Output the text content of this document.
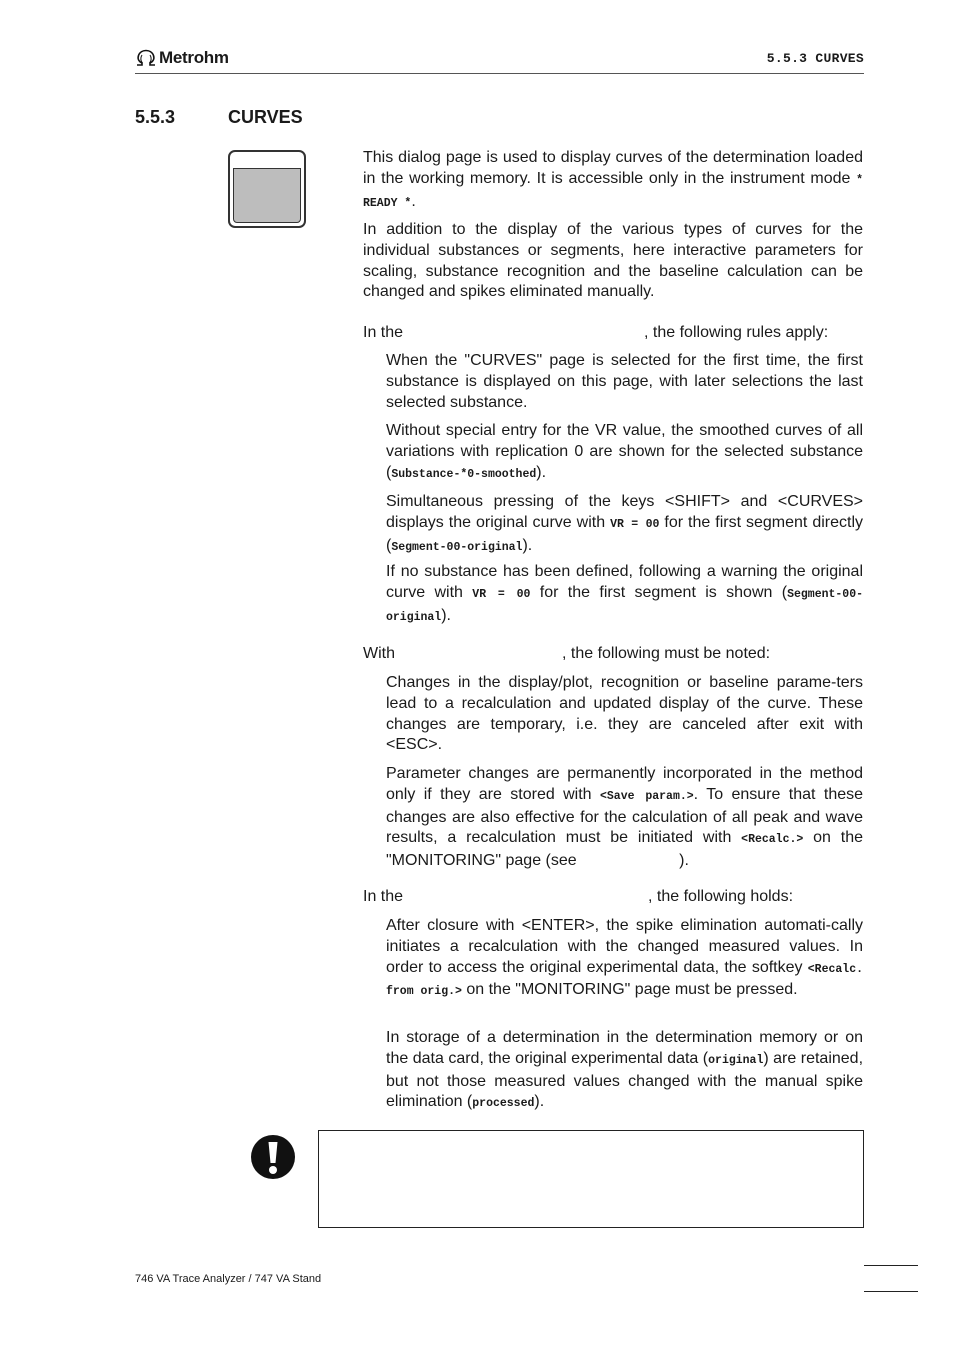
Metrohm	5.5.3 CURVES
5.5.3	CURVES

This dialog page is used to display curves of the determination loaded in the working memory. It is accessible only in the instrument mode * READY *.

In addition to the display of the various types of curves for the individual substances or segments, here interactive parameters for scaling, substance recognition and the baseline calculation can be changed and spikes eliminated manually.

In the	, the following rules apply:

When the "CURVES" page is selected for the first time, the first substance is displayed on this page, with later selections the last selected substance.

Without special entry for the VR value, the smoothed curves of all variations with replication 0 are shown for the selected substance (Substance-*0-smoothed).

Simultaneous pressing of the keys <SHIFT> and <CURVES> displays the original curve with VR = 00 for the first segment directly (Segment-00-original).

If no substance has been defined, following a warning the original curve with VR = 00 for the first segment is shown (Segment-00-original).

With	, the following must be noted:

Changes in the display/plot, recognition or baseline parame-ters lead to a recalculation and updated display of the curve. These changes are temporary, i.e. they are canceled after exit with <ESC>.

Parameter changes are permanently incorporated in the method only if they are stored with <Save param.>. To ensure that these changes are also effective for the calculation of all peak and wave results, a recalculation must be initiated with <Recalc.> on the "MONITORING" page (see	).

In the	, the following holds:

After closure with <ENTER>, the spike elimination automati-cally initiates a recalculation with the changed measured values. In order to access the original experimental data, the softkey <Recalc. from orig.> on the "MONITORING" page must be pressed.

In storage of a determination in the determination memory or on the data card, the original experimental data (original) are retained, but not those measured values changed with the manual spike elimination (processed).

746 VA Trace Analyzer / 747 VA Stand
